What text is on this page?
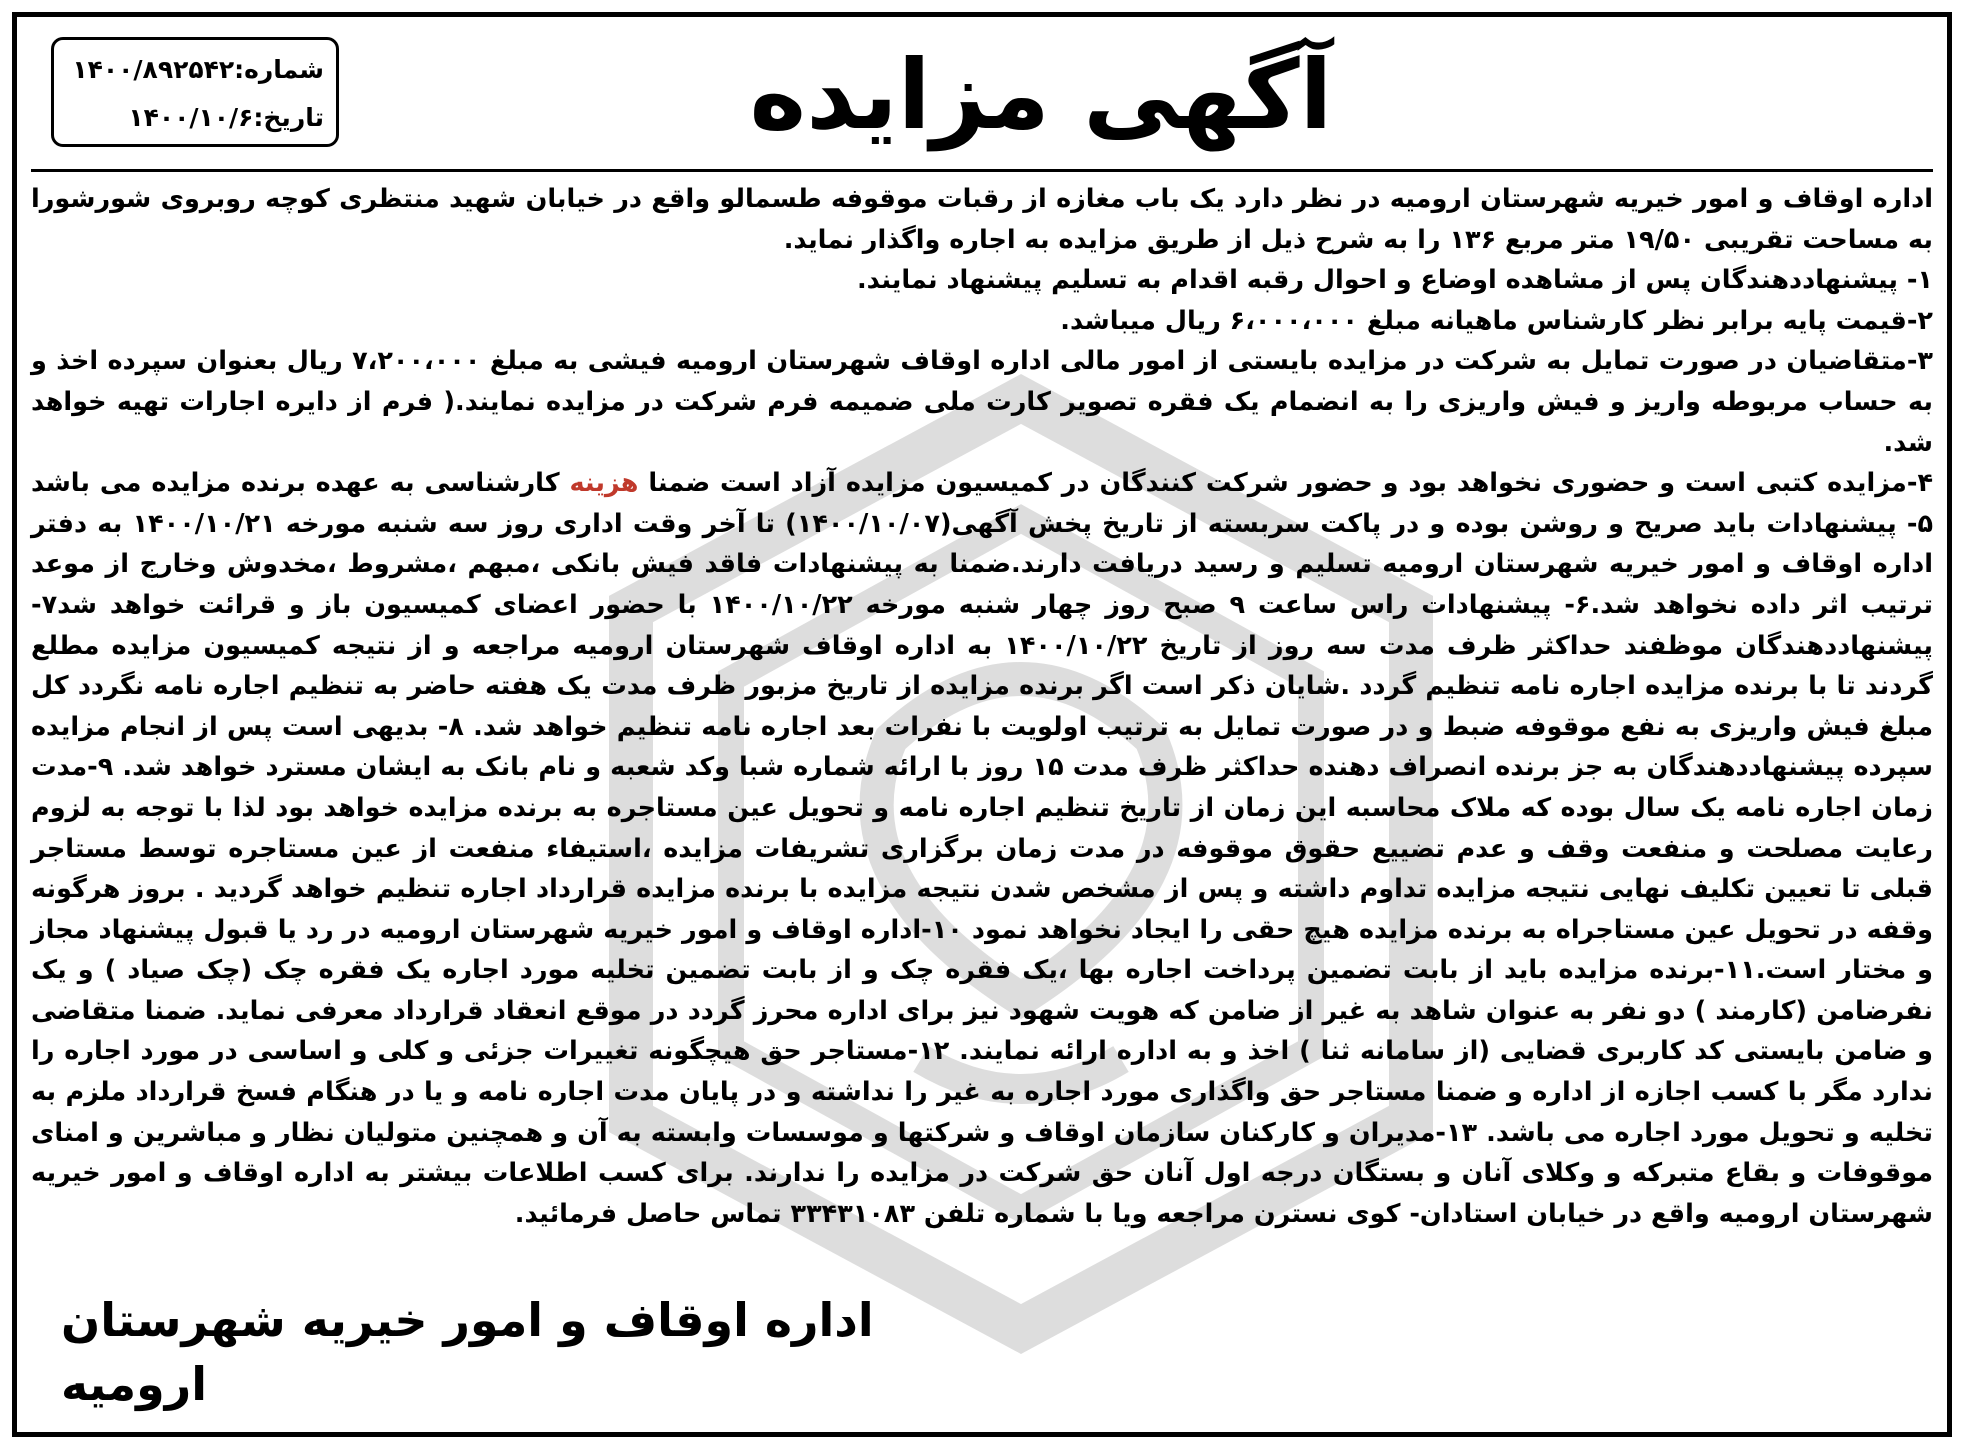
شماره:۱۴۰۰/۸۹۲۵۴۲
تاریخ:۱۴۰۰/۱۰/۶	آگهی مزایده

اداره اوقاف و امور خیریه شهرستان ارومیه در نظر دارد یک باب مغازه از رقبات موقوفه طسمالو واقع در خیابان شهید منتظری کوچه روبروی شورشورا به مساحت تقریبی ۱۹/۵۰ متر مربع ۱۳۶ را به شرح ذیل از طریق مزایده به اجاره واگذار نماید.

۱- پیشنهاددهندگان پس از مشاهده اوضاع و احوال رقبه اقدام به تسلیم پیشنهاد نمایند.

۲-قیمت پایه برابر نظر کارشناس ماهیانه مبلغ ۶،۰۰۰،۰۰۰ ریال میباشد.

۳-متقاضیان در صورت تمایل به شرکت در مزایده بایستی از امور مالی اداره اوقاف شهرستان ارومیه فیشی به مبلغ ۷،۲۰۰،۰۰۰ ریال بعنوان سپرده اخذ و به حساب مربوطه واریز و فیش واریزی را به انضمام یک فقره تصویر کارت ملی ضمیمه فرم شرکت در مزایده نمایند.( فرم از دایره اجارات تهیه خواهد شد.

۴-مزایده کتبی است و حضوری نخواهد بود و حضور شرکت کنندگان در کمیسیون مزایده آزاد است ضمنا هزینه کارشناسی به عهده برنده مزایده می باشد ۵- پیشنهادات باید صریح و روشن بوده و در پاکت سربسته از تاریخ پخش آگهی(۱۴۰۰/۱۰/۰۷) تا آخر وقت اداری روز سه شنبه مورخه ۱۴۰۰/۱۰/۲۱ به دفتر اداره اوقاف و امور خیریه شهرستان ارومیه تسلیم و رسید دریافت دارند.ضمنا به پیشنهادات فاقد فیش بانکی ،مبهم ،مشروط ،مخدوش وخارج از موعد ترتیب اثر داده نخواهد شد.۶- پیشنهادات راس ساعت ۹ صبح روز چهار شنبه مورخه ۱۴۰۰/۱۰/۲۲ با حضور اعضای کمیسیون باز و قرائت خواهد شد۷-پیشنهاددهندگان موظفند حداکثر ظرف مدت سه روز از تاریخ ۱۴۰۰/۱۰/۲۲ به اداره اوقاف شهرستان ارومیه مراجعه و از نتیجه کمیسیون مزایده مطلع گردند تا با برنده مزایده اجاره نامه تنظیم گردد .شایان ذکر است اگر برنده مزایده از تاریخ مزبور ظرف مدت یک هفته حاضر به تنظیم اجاره نامه نگردد کل مبلغ فیش واریزی به نفع موقوفه ضبط و در صورت تمایل به ترتیب اولویت با نفرات بعد اجاره نامه تنظیم خواهد شد. ۸- بدیهی است پس از انجام مزایده سپرده پیشنهاددهندگان به جز برنده انصراف دهنده حداکثر ظرف مدت ۱۵ روز با ارائه شماره شبا وکد شعبه و نام بانک به ایشان مسترد خواهد شد. ۹-مدت زمان اجاره نامه یک سال بوده که ملاک محاسبه این زمان از تاریخ تنظیم اجاره نامه و تحویل عین مستاجره به برنده مزایده خواهد بود لذا با توجه به لزوم رعایت مصلحت و منفعت وقف و عدم تضییع حقوق موقوفه در مدت زمان برگزاری تشریفات مزایده ،استیفاء منفعت از عین مستاجره توسط مستاجر قبلی تا تعیین تکلیف نهایی نتیجه مزایده تداوم داشته و پس از مشخص شدن نتیجه مزایده با برنده مزایده قرارداد اجاره تنظیم خواهد گردید . بروز هرگونه وقفه در تحویل عین مستاجراه به برنده مزایده هیچ حقی را ایجاد نخواهد نمود ۱۰-اداره اوقاف و امور خیریه شهرستان ارومیه در رد یا قبول پیشنهاد مجاز و مختار است.۱۱-برنده مزایده باید از بابت تضمین پرداخت اجاره بها ،یک فقره چک و از بابت تضمین تخلیه مورد اجاره یک فقره چک (چک صیاد ) و یک نفرضامن (کارمند ) دو نفر به عنوان شاهد به غیر از ضامن که هویت شهود نیز برای اداره محرز گردد در موقع انعقاد قرارداد معرفی نماید. ضمنا متقاضی و ضامن بایستی کد کاربری قضایی (از سامانه ثنا ) اخذ و به اداره ارائه نمایند. ۱۲-مستاجر حق هیچگونه تغییرات جزئی و کلی و اساسی در مورد اجاره را ندارد مگر با کسب اجازه از اداره و ضمنا مستاجر حق واگذاری مورد اجاره به غیر را نداشته و در پایان مدت اجاره نامه و یا در هنگام فسخ قرارداد ملزم به تخلیه و تحویل مورد اجاره می باشد. ۱۳-مدیران و کارکنان سازمان اوقاف و شرکتها و موسسات وابسته به آن و همچنین متولیان نظار و مباشرین و امنای موقوفات و بقاع متبرکه و وکلای آنان و بستگان درجه اول آنان حق شرکت در مزایده را ندارند. برای کسب اطلاعات بیشتر به اداره اوقاف و امور خیریه شهرستان ارومیه واقع در خیابان استادان- کوی نسترن مراجعه ویا با شماره تلفن ۳۳۴۳۱۰۸۳ تماس حاصل فرمائید.

اداره اوقاف و امور خیریه شهرستان ارومیه
